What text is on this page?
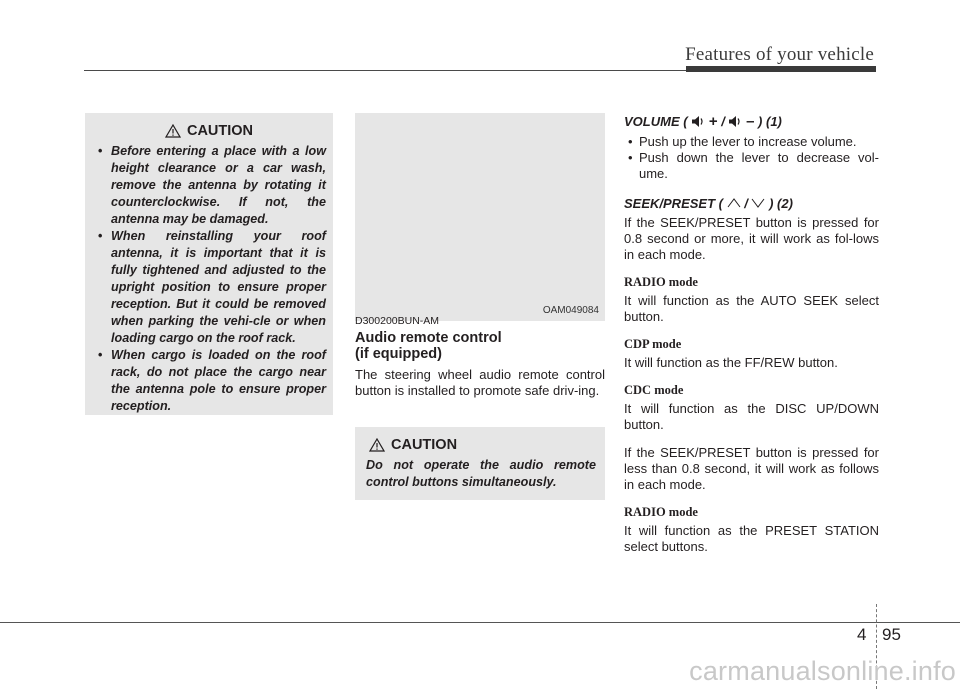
Features of your vehicle
CAUTION
• Before entering a place with a low height clearance or a car wash, remove the antenna by rotating it counterclockwise. If not, the antenna may be damaged.
• When reinstalling your roof antenna, it is important that it is fully tightened and adjusted to the upright position to ensure proper reception. But it could be removed when parking the vehi-cle or when loading cargo on the roof rack.
• When cargo is loaded on the roof rack, do not place the cargo near the antenna pole to ensure proper reception.
OAM049084
D300200BUN-AM
Audio remote control
(if equipped)
The steering wheel audio remote control button is installed to promote safe driv-ing.
CAUTION
Do not operate the audio remote control buttons simultaneously.
VOLUME ( + / – ) (1)
• Push up the lever to increase volume.
• Push down the lever to decrease vol-ume.
SEEK/PRESET ( / ) (2)

If the SEEK/PRESET button is pressed for 0.8 second or more, it will work as fol-lows in each mode.

RADIO mode

It will function as the AUTO SEEK select button.

CDP mode

It will function as the FF/REW button.

CDC mode

It will function as the DISC UP/DOWN button.

If the SEEK/PRESET button is pressed for less than 0.8 second, it will work as follows in each mode.

RADIO mode

It will function as the PRESET STATION select buttons.

4 95
carmanualsonline.info
